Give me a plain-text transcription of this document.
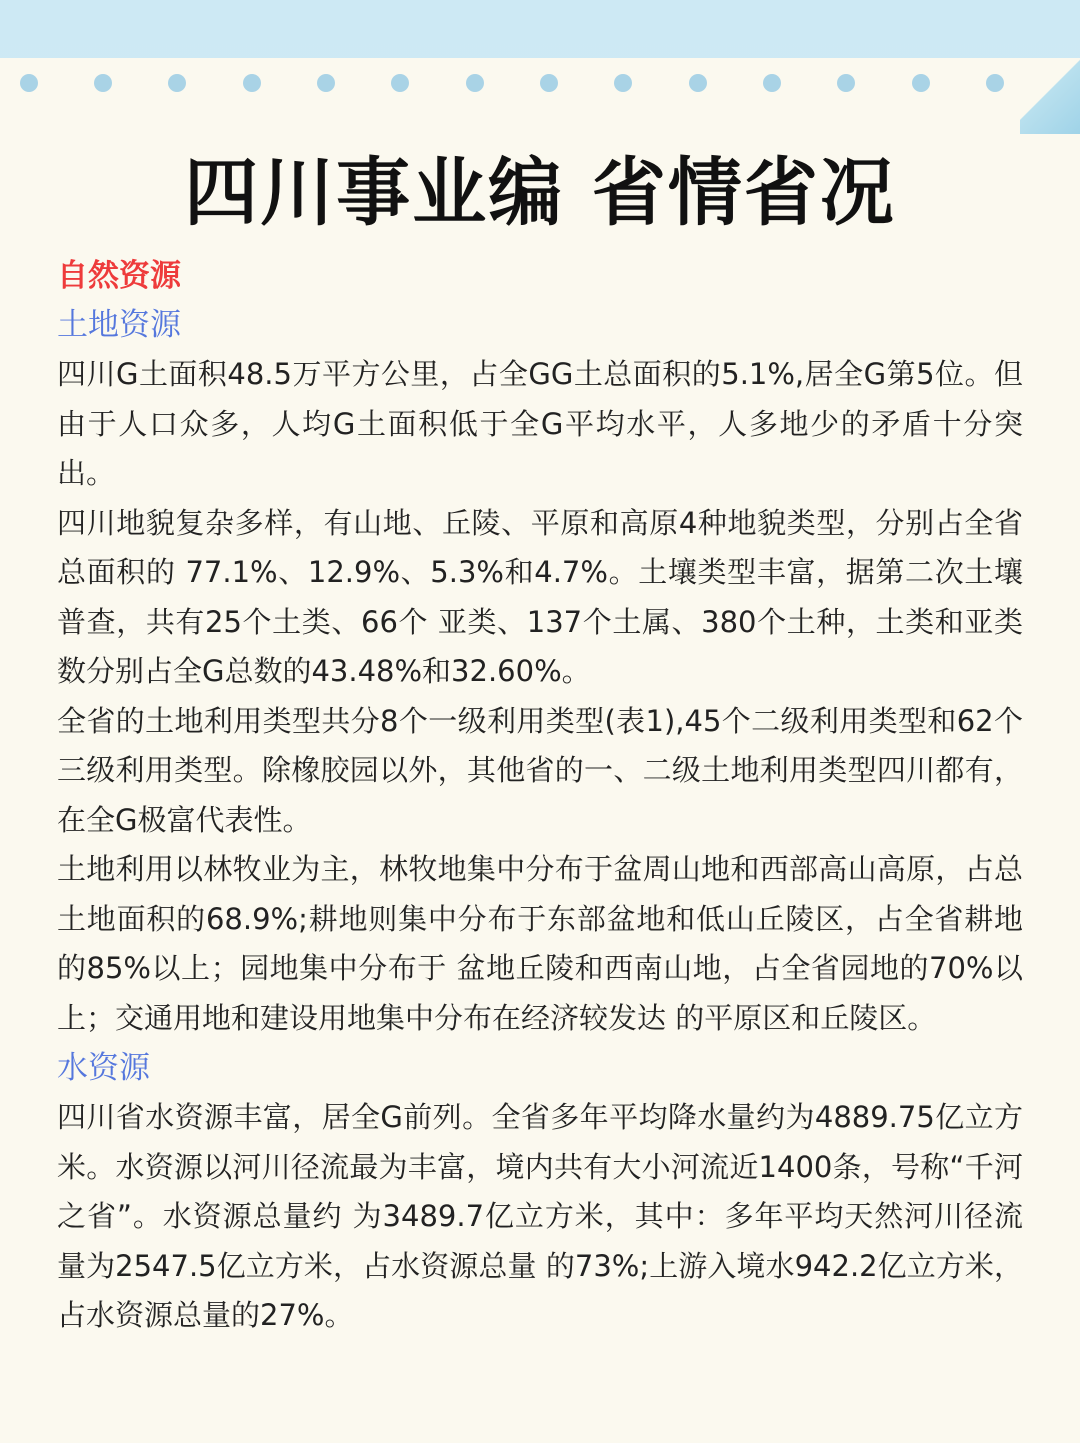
四川事业编 省情省况

自然资源

土地资源

四川G土面积48.5万平方公里，占全GG土总面积的5.1%,居全G第5位。但由于人口众多，人均G土面积低于全G平均水平，人多地少的矛盾十分突出。

四川地貌复杂多样，有山地、丘陵、平原和高原4种地貌类型，分别占全省总面积的 77.1%、12.9%、5.3%和4.7%。土壤类型丰富，据第二次土壤普查，共有25个土类、66个 亚类、137个土属、380个土种，土类和亚类数分别占全G总数的43.48%和32.60%。

全省的土地利用类型共分8个一级利用类型(表1),45个二级利用类型和62个三级利用类型。除橡胶园以外，其他省的一、二级土地利用类型四川都有，在全G极富代表性。

土地利用以林牧业为主，林牧地集中分布于盆周山地和西部高山高原，占总土地面积的68.9%;耕地则集中分布于东部盆地和低山丘陵区，占全省耕地的85%以上；园地集中分布于 盆地丘陵和西南山地，占全省园地的70%以上；交通用地和建设用地集中分布在经济较发达 的平原区和丘陵区。

水资源

四川省水资源丰富，居全G前列。全省多年平均降水量约为4889.75亿立方米。水资源以河川径流最为丰富，境内共有大小河流近1400条，号称“千河之省”。水资源总量约 为3489.7亿立方米，其中：多年平均天然河川径流量为2547.5亿立方米，占水资源总量 的73%;上游入境水942.2亿立方米，占水资源总量的27%。
